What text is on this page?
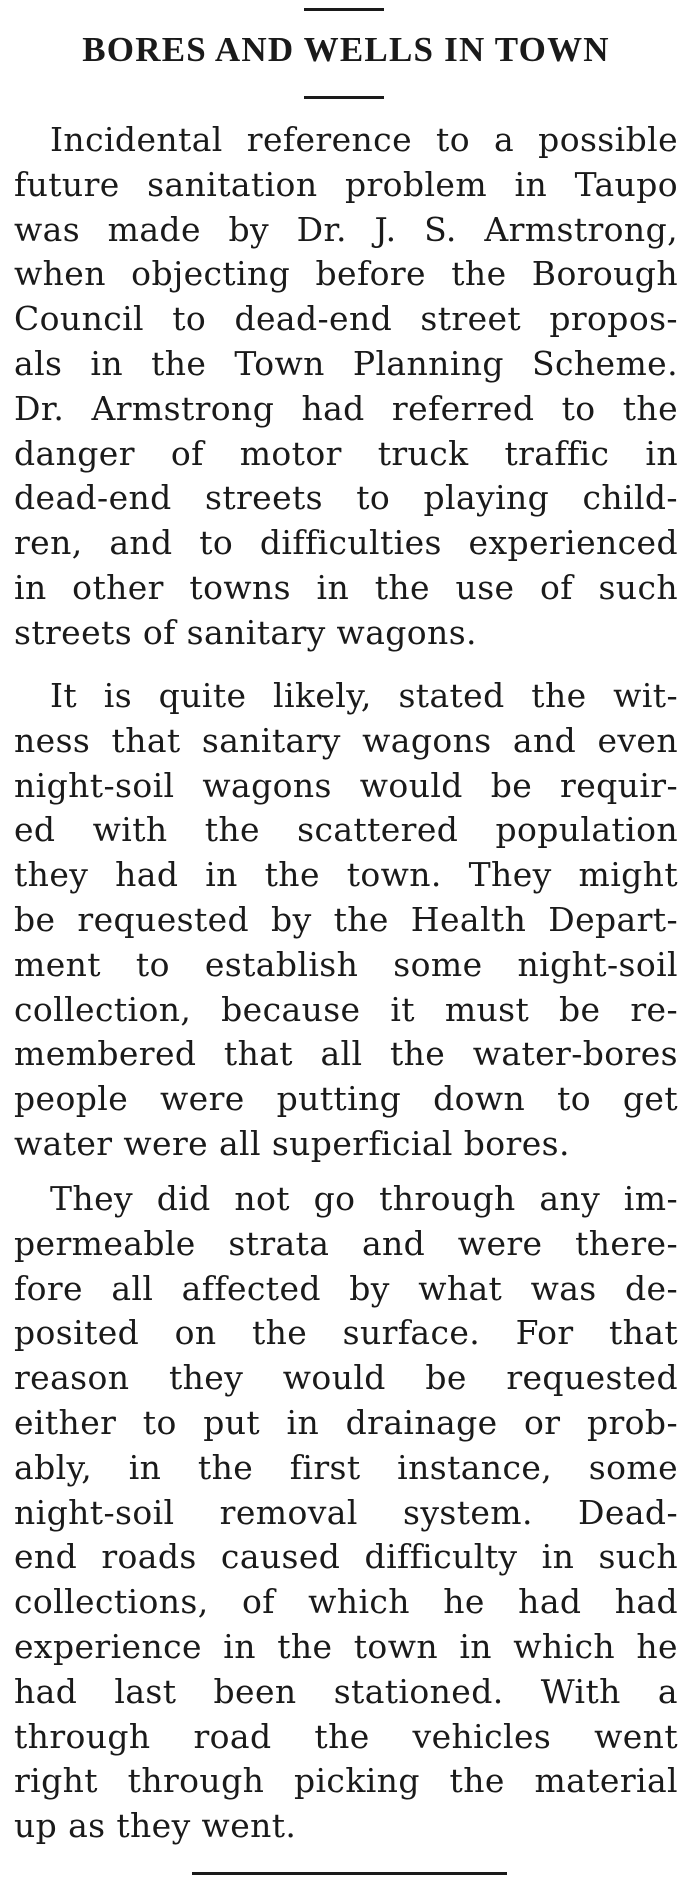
BORES AND WELLS IN TOWN

Incidental reference to a possible
future sanitation problem in Taupo
was made by Dr. J. S. Armstrong,
when objecting before the Borough
Council to dead-end street propos-
als in the Town Planning Scheme.
Dr. Armstrong had referred to the
danger of motor truck traffic in
dead-end streets to playing child-
ren, and to difficulties experienced
in other towns in the use of such
streets of sanitary wagons.

It is quite likely, stated the wit-
ness that sanitary wagons and even
night-soil wagons would be requir-
ed with the scattered population
they had in the town. They might
be requested by the Health Depart-
ment to establish some night-soil
collection, because it must be re-
membered that all the water-bores
people were putting down to get
water were all superficial bores.

They did not go through any im-
permeable strata and were there-
fore all affected by what was de-
posited on the surface. For that
reason they would be requested
either to put in drainage or prob-
ably, in the first instance, some
night-soil removal system. Dead-
end roads caused difficulty in such
collections, of which he had had
experience in the town in which he
had last been stationed. With a
through road the vehicles went
right through picking the material
up as they went.
